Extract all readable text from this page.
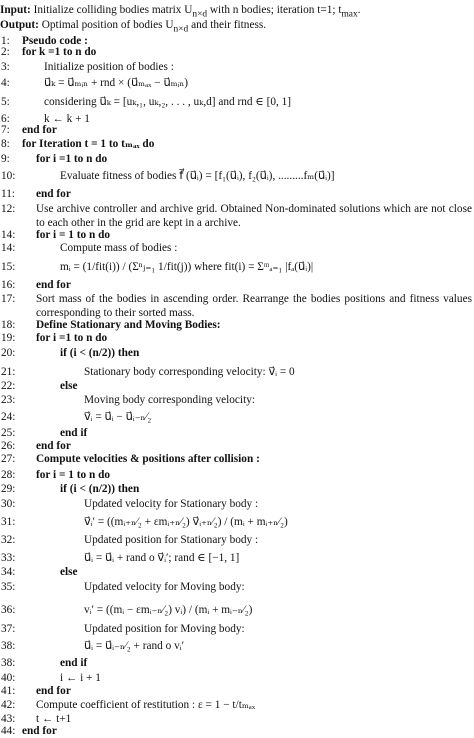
Input: Initialize colliding bodies matrix $U_{n\times d}$ with n bodies; iteration t=1; $t_{max}$.
Output: Optimal position of bodies $U_{n\times d}$ and their fitness.
1:	Pseudo code :
2:	for k =1 to n do
3:	Initialize position of bodies :
4:	u⃗ₖ = u⃗ₘᵢₙ + rnd × (u⃗ₘₐₓ − u⃗ₘᵢₙ)
5:	considering u⃗ₖ = [uₖ,₁, uₖ,₂, . . . , uₖ,d] and rnd ∈ [0, 1]
6:	k ← k + 1
7:	end for
8:	for Iteration t = 1 to tₘₐₓ do
9:	for i =1 to n do
10:	Evaluate fitness of bodies f⃗ (u⃗ᵢ) = [f₁(u⃗ᵢ), f₂(u⃗ᵢ), .........fₘ(u⃗ᵢ)]
11:	end for
12:	Use archive controller and archive grid. Obtained Non-dominated solutions which are not close to each other in the grid are kept in a archive.
14:	for i = 1 to n do
14:	Compute mass of bodies :
15:	mᵢ = (1/fit(i)) / (Σⁿⱼ₌₁ 1/fit(j)) where fit(i) = Σᵐₐ₌₁ |fₐ(u⃗ᵢ)|
16:	end for
17:	Sort mass of the bodies in ascending order. Rearrange the bodies positions and fitness values corresponding to their sorted mass.
18:	Define Stationary and Moving Bodies:
19:	for i =1 to n do
20:	if (i < (n/2)) then
21:	Stationary body corresponding velocity: v⃗ᵢ = 0
22:	else
23:	Moving body corresponding velocity:
24:	v⃗ᵢ = u⃗ᵢ − u⃗ᵢ₋ₙ⁄₂
25:	end if
26:	end for
27:	Compute velocities & positions after collision :
28:	for i = 1 to n do
29:	if (i < (n/2)) then
30:	Updated velocity for Stationary body :
31:	v⃗ᵢ′ = ((mᵢ₊ₙ⁄₂ + εmᵢ₊ₙ⁄₂) v⃗ᵢ₊ₙ⁄₂) / (mᵢ + mᵢ₊ₙ⁄₂)
32:	Updated position for Stationary body :
33:	u⃗ᵢ = u⃗ᵢ + rand o v⃗ᵢ′; rand ∈ [−1, 1]
34:	else
35:	Updated velocity for Moving body:
36:	vᵢ′ = ((mᵢ − εmᵢ₋ₙ⁄₂) vᵢ) / (mᵢ + mᵢ₋ₙ⁄₂)
37:	Updated position for Moving body:
38:	u⃗ᵢ = u⃗ᵢ₋ₙ⁄₂ + rand o vᵢ′
38:	end if
40:	i ← i + 1
41:	end for
42:	Compute coefficient of restitution : ε = 1 − t/tₘₐₓ
43:	t ← t+1
44: end for
